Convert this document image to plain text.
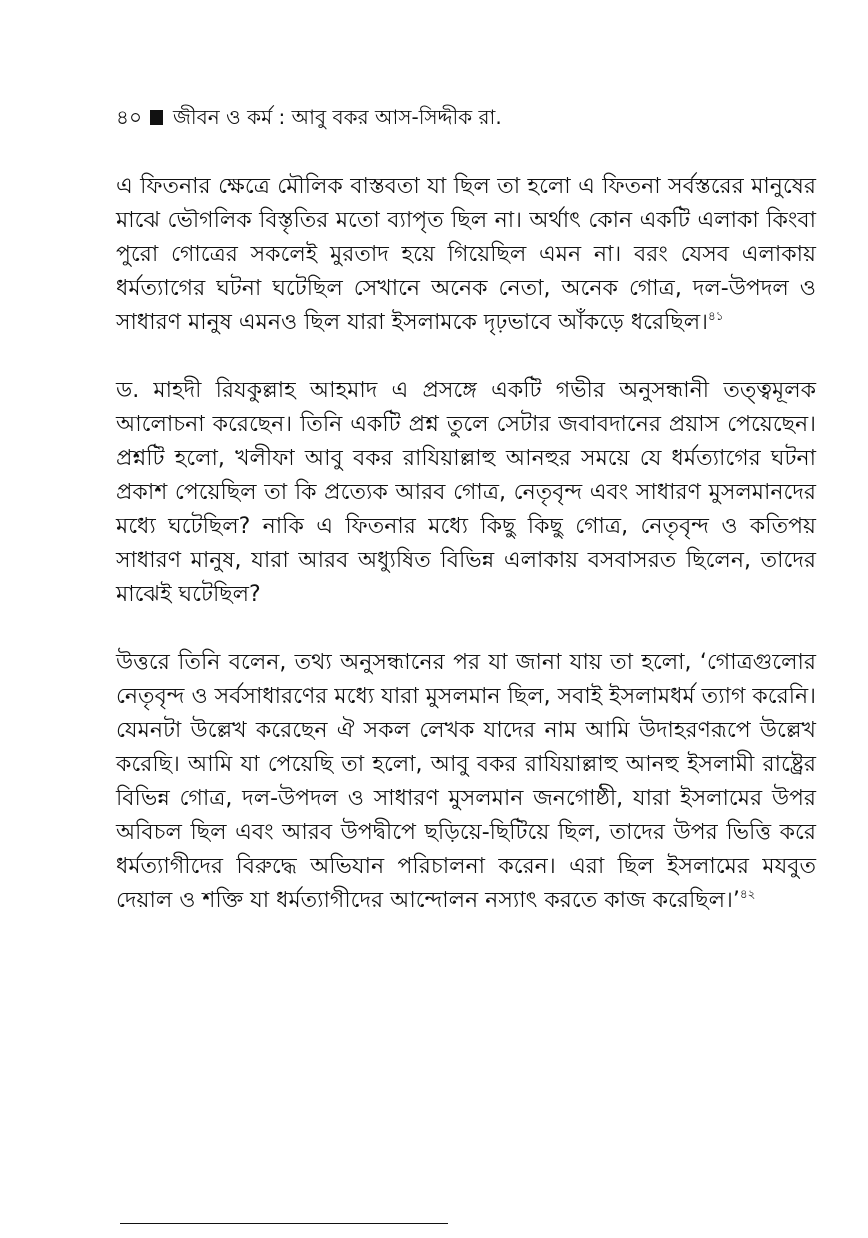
৪০ জীবন ও কর্ম : আবু বকর আস-সিদ্দীক রা.

এ ফিতনার ক্ষেত্রে মৌলিক বাস্তবতা যা ছিল তা হলো এ ফিতনা সর্বস্তরের মানুষের মাঝে ভৌগলিক বিস্তৃতির মতো ব্যাপৃত ছিল না। অর্থাৎ কোন একটি এলাকা কিংবা পুরো গোত্রের সকলেই মুরতাদ হয়ে গিয়েছিল এমন না। বরং যেসব এলাকায় ধর্মত্যাগের ঘটনা ঘটেছিল সেখানে অনেক নেতা, অনেক গোত্র, দল-উপদল ও সাধারণ মানুষ এমনও ছিল যারা ইসলামকে দৃঢ়ভাবে আঁকড়ে ধরেছিল।$^{৪১}$

ড. মাহদী রিযকুল্লাহ আহমাদ এ প্রসঙ্গে একটি গভীর অনুসন্ধানী তত্ত্বমূলক আলোচনা করেছেন। তিনি একটি প্রশ্ন তুলে সেটার জবাবদানের প্রয়াস পেয়েছেন। প্রশ্নটি হলো, খলীফা আবু বকর রাযিয়াল্লাহু আনহুর সময়ে যে ধর্মত্যাগের ঘটনা প্রকাশ পেয়েছিল তা কি প্রত্যেক আরব গোত্র, নেতৃবৃন্দ এবং সাধারণ মুসলমানদের মধ্যে ঘটেছিল? নাকি এ ফিতনার মধ্যে কিছু কিছু গোত্র, নেতৃবৃন্দ ও কতিপয় সাধারণ মানুষ, যারা আরব অধ্যুষিত বিভিন্ন এলাকায় বসবাসরত ছিলেন, তাদের মাঝেই ঘটেছিল?

উত্তরে তিনি বলেন, তথ্য অনুসন্ধানের পর যা জানা যায় তা হলো, ‘গোত্রগুলোর নেতৃবৃন্দ ও সর্বসাধারণের মধ্যে যারা মুসলমান ছিল, সবাই ইসলামধর্ম ত্যাগ করেনি। যেমনটা উল্লেখ করেছেন ঐ সকল লেখক যাদের নাম আমি উদাহরণরূপে উল্লেখ করেছি। আমি যা পেয়েছি তা হলো, আবু বকর রাযিয়াল্লাহু আনহু ইসলামী রাষ্ট্রের বিভিন্ন গোত্র, দল-উপদল ও সাধারণ মুসলমান জনগোষ্ঠী, যারা ইসলামের উপর অবিচল ছিল এবং আরব উপদ্বীপে ছড়িয়ে-ছিটিয়ে ছিল, তাদের উপর ভিত্তি করে ধর্মত্যাগীদের বিরুদ্ধে অভিযান পরিচালনা করেন। এরা ছিল ইসলামের মযবুত দেয়াল ও শক্তি যা ধর্মত্যাগীদের আন্দোলন নস্যাৎ করতে কাজ করেছিল।’$^{৪২}$
